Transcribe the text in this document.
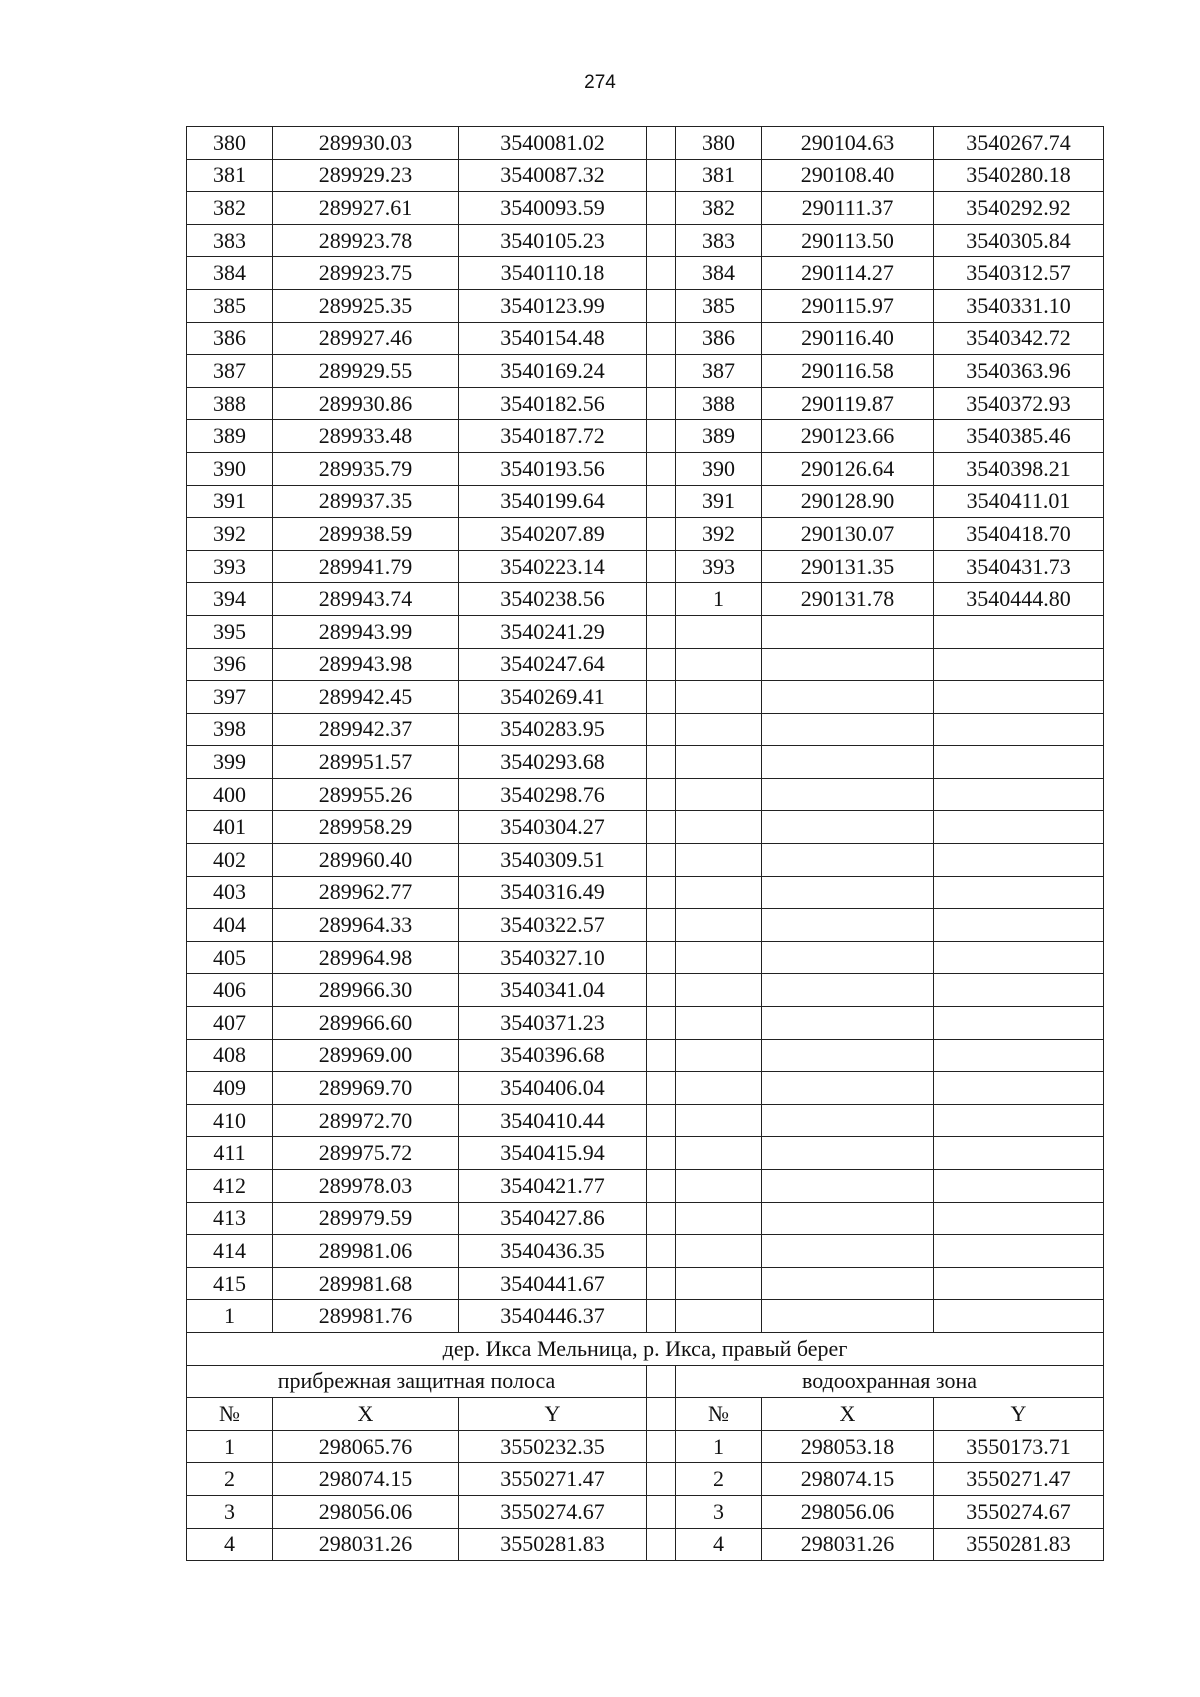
274
380	289930.03	3540081.02		380	290104.63	3540267.74
381	289929.23	3540087.32		381	290108.40	3540280.18
382	289927.61	3540093.59		382	290111.37	3540292.92
383	289923.78	3540105.23		383	290113.50	3540305.84
384	289923.75	3540110.18		384	290114.27	3540312.57
385	289925.35	3540123.99		385	290115.97	3540331.10
386	289927.46	3540154.48		386	290116.40	3540342.72
387	289929.55	3540169.24		387	290116.58	3540363.96
388	289930.86	3540182.56		388	290119.87	3540372.93
389	289933.48	3540187.72		389	290123.66	3540385.46
390	289935.79	3540193.56		390	290126.64	3540398.21
391	289937.35	3540199.64		391	290128.90	3540411.01
392	289938.59	3540207.89		392	290130.07	3540418.70
393	289941.79	3540223.14		393	290131.35	3540431.73
394	289943.74	3540238.56		1	290131.78	3540444.80
395	289943.99	3540241.29				
396	289943.98	3540247.64				
397	289942.45	3540269.41				
398	289942.37	3540283.95				
399	289951.57	3540293.68				
400	289955.26	3540298.76				
401	289958.29	3540304.27				
402	289960.40	3540309.51				
403	289962.77	3540316.49				
404	289964.33	3540322.57				
405	289964.98	3540327.10				
406	289966.30	3540341.04				
407	289966.60	3540371.23				
408	289969.00	3540396.68				
409	289969.70	3540406.04				
410	289972.70	3540410.44				
411	289975.72	3540415.94				
412	289978.03	3540421.77				
413	289979.59	3540427.86				
414	289981.06	3540436.35				
415	289981.68	3540441.67				
1	289981.76	3540446.37				
дер. Икса Мельница, р. Икса, правый берег						
прибрежная защитная полоса				водоохранная зона		
№	X	Y		№	X	Y
1	298065.76	3550232.35		1	298053.18	3550173.71
2	298074.15	3550271.47		2	298074.15	3550271.47
3	298056.06	3550274.67		3	298056.06	3550274.67
4	298031.26	3550281.83		4	298031.26	3550281.83
